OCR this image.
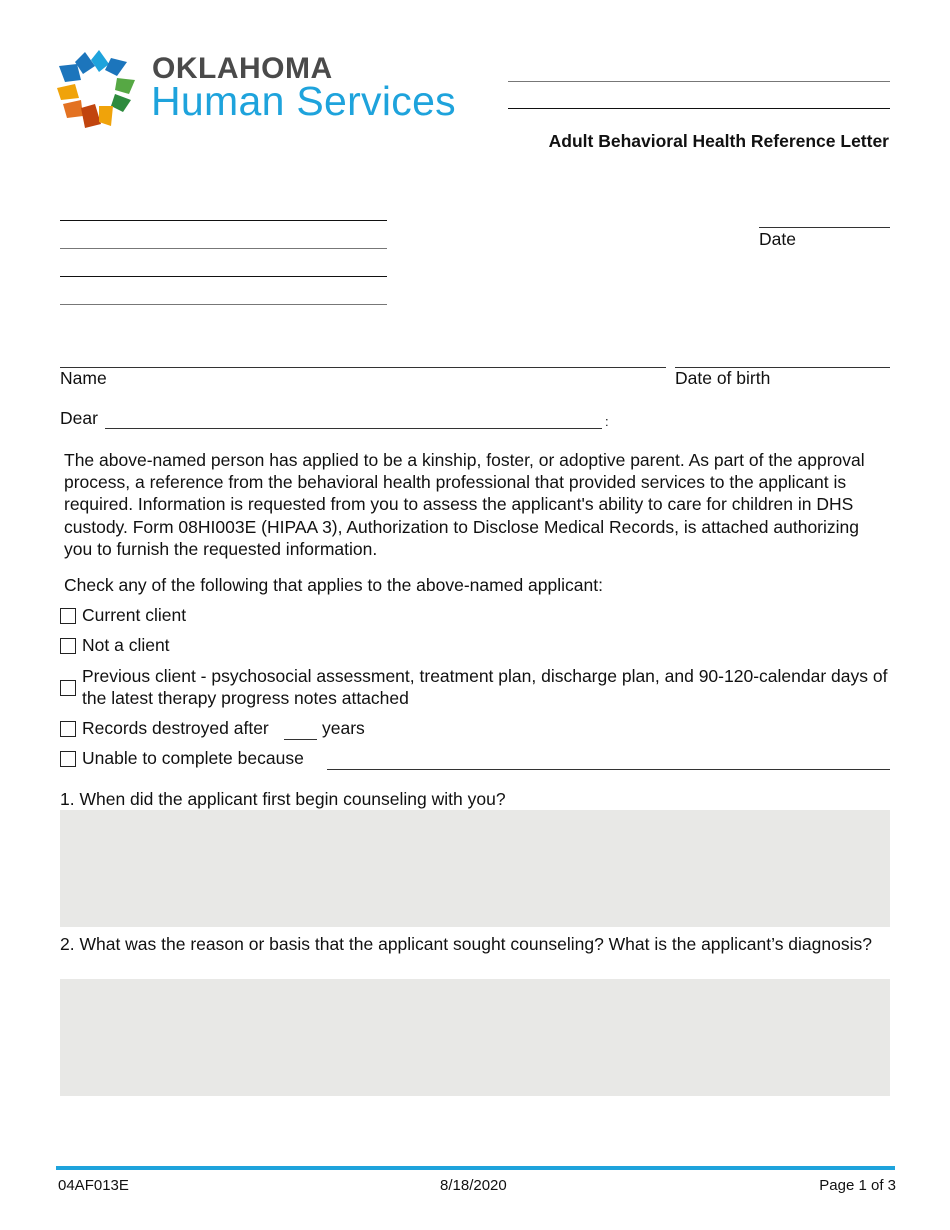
OKLAHOMA
Human Services
Adult Behavioral Health Reference Letter
Date
Name	Date of birth
Dear	:
The above-named person has applied to be a kinship, foster, or adoptive parent. As part of the approval process, a reference from the behavioral health professional that provided services to the applicant is required. Information is requested from you to assess the applicant's ability to care for children in DHS custody. Form 08HI003E (HIPAA 3), Authorization to Disclose Medical Records, is attached authorizing you to furnish the requested information.
Check any of the following that applies to the above-named applicant:
Current client
Not a client
Previous client - psychosocial assessment, treatment plan, discharge plan, and 90-120-calendar days of the latest therapy progress notes attached
Records destroyed after	years
Unable to complete because
1. When did the applicant first begin counseling with you?
2. What was the reason or basis that the applicant sought counseling? What is the applicant’s diagnosis?
04AF013E	8/18/2020	Page 1 of 3
